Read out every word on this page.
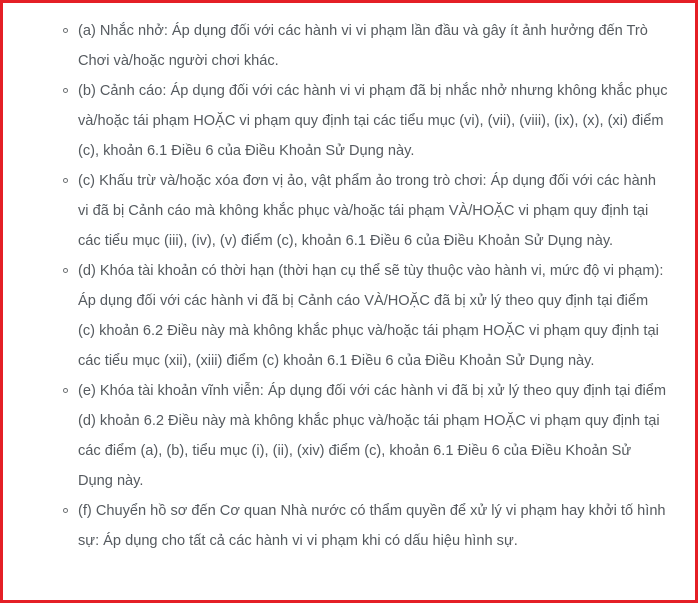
(a) Nhắc nhở: Áp dụng đối với các hành vi vi phạm lần đầu và gây ít ảnh hưởng đến Trò Chơi và/hoặc người chơi khác.
(b) Cảnh cáo: Áp dụng đối với các hành vi vi phạm đã bị nhắc nhở nhưng không khắc phục và/hoặc tái phạm HOẶC vi phạm quy định tại các tiểu mục (vi), (vii), (viii), (ix), (x), (xi) điểm (c), khoản 6.1 Điều 6 của Điều Khoản Sử Dụng này.
(c) Khấu trừ và/hoặc xóa đơn vị ảo, vật phẩm ảo trong trò chơi: Áp dụng đối với các hành vi đã bị Cảnh cáo mà không khắc phục và/hoặc tái phạm VÀ/HOẶC vi phạm quy định tại các tiểu mục (iii), (iv), (v) điểm (c), khoản 6.1 Điều 6 của Điều Khoản Sử Dụng này.
(d) Khóa tài khoản có thời hạn (thời hạn cụ thể sẽ tùy thuộc vào hành vi, mức độ vi phạm): Áp dụng đối với các hành vi đã bị Cảnh cáo VÀ/HOẶC đã bị xử lý theo quy định tại điểm (c) khoản 6.2 Điều này mà không khắc phục và/hoặc tái phạm HOẶC vi phạm quy định tại các tiểu mục (xii), (xiii) điểm (c) khoản 6.1 Điều 6 của Điều Khoản Sử Dụng này.
(e) Khóa tài khoản vĩnh viễn: Áp dụng đối với các hành vi đã bị xử lý theo quy định tại điểm (d) khoản 6.2 Điều này mà không khắc phục và/hoặc tái phạm HOẶC vi phạm quy định tại các điểm (a), (b), tiểu mục (i), (ii), (xiv) điểm (c), khoản 6.1 Điều 6 của Điều Khoản Sử Dụng này.
(f) Chuyển hồ sơ đến Cơ quan Nhà nước có thẩm quyền để xử lý vi phạm hay khởi tố hình sự: Áp dụng cho tất cả các hành vi vi phạm khi có dấu hiệu hình sự.
